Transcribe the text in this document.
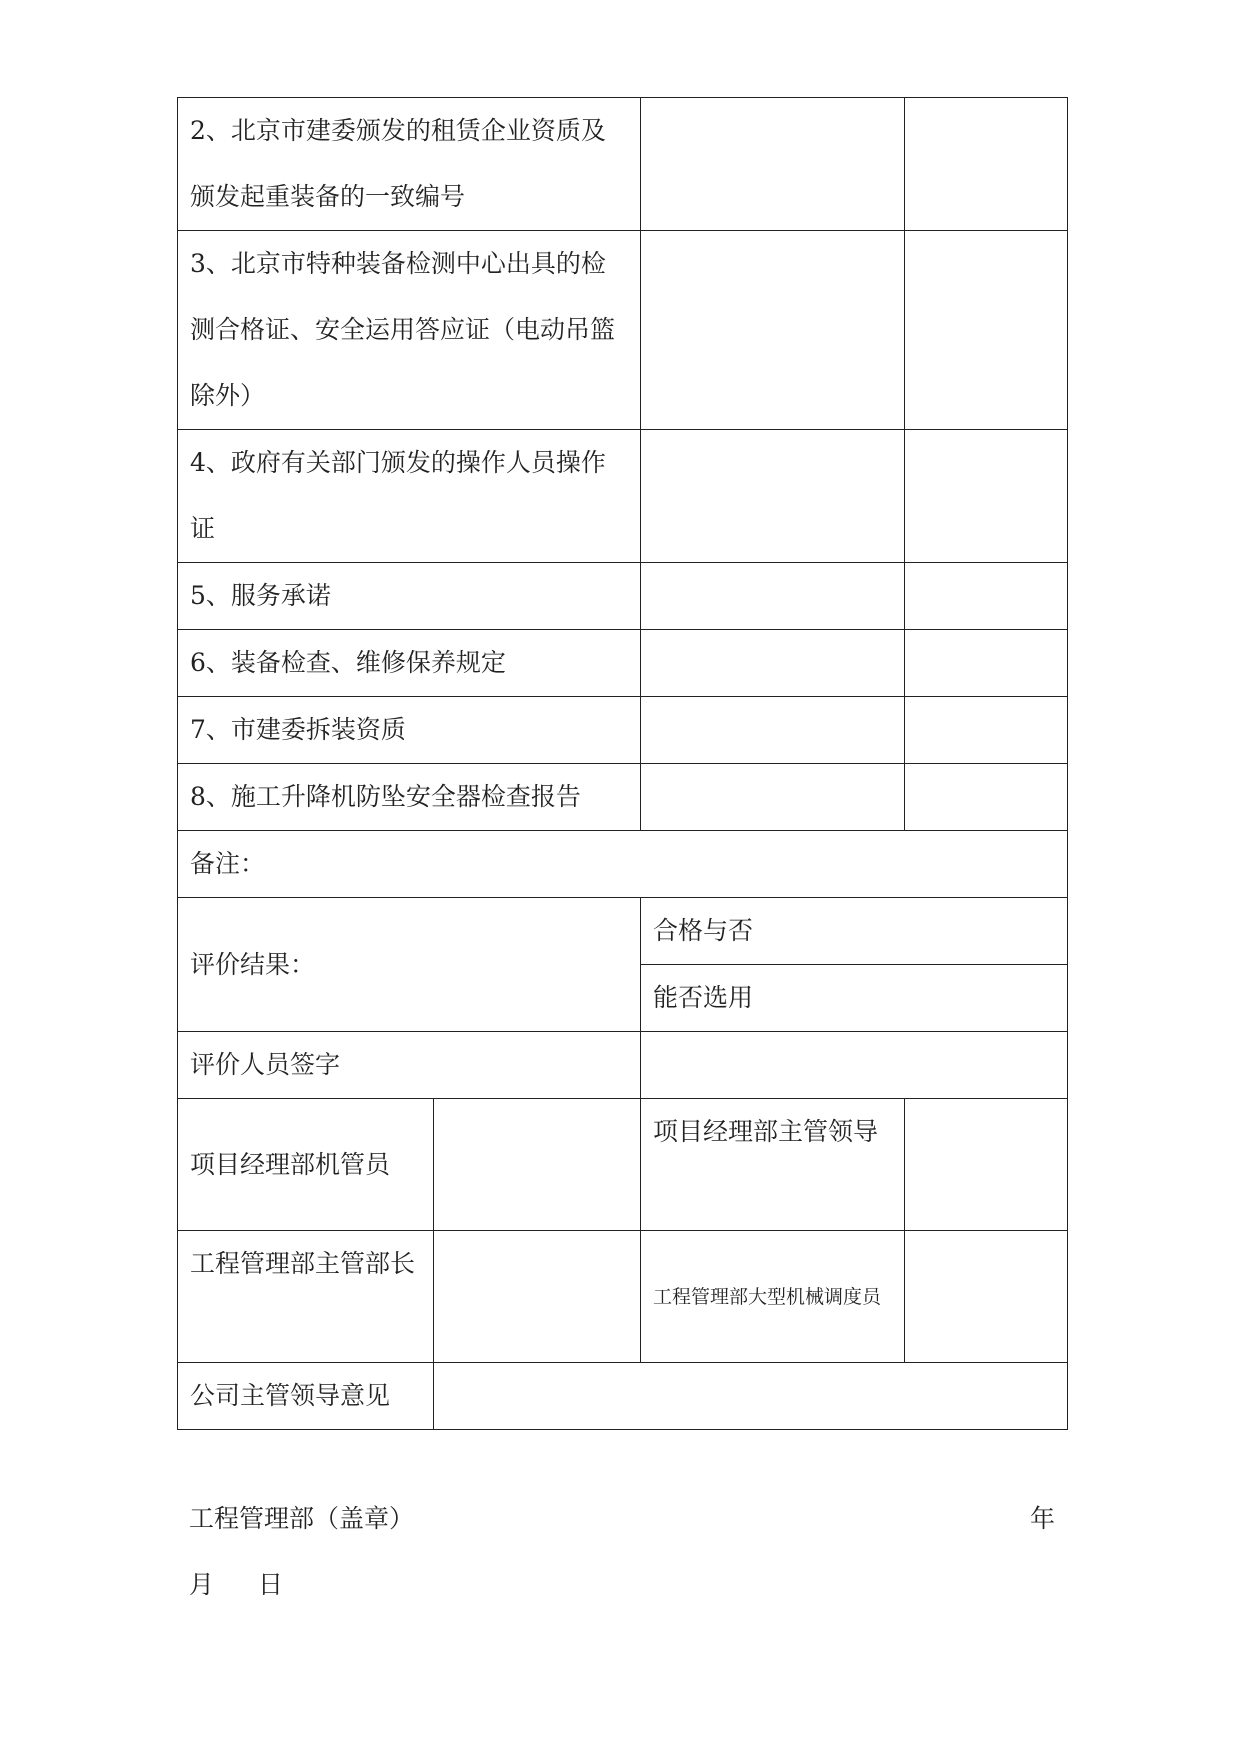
2、北京市建委颁发的租赁企业资质及颁发起重装备的一致编号			
3、北京市特种装备检测中心出具的检测合格证、安全运用答应证（电动吊篮除外）			
4、政府有关部门颁发的操作人员操作证			
5、服务承诺			
6、装备检查、维修保养规定			
7、市建委拆装资质			
8、施工升降机防坠安全器检查报告			
备注：			
评价结果：		合格与否	
		能否选用	
评价人员签字			
项目经理部机管员		项目经理部主管领导	
工程管理部主管部长		工程管理部大型机械调度员	
公司主管领导意见			
工程管理部（盖章）	年
月 日
